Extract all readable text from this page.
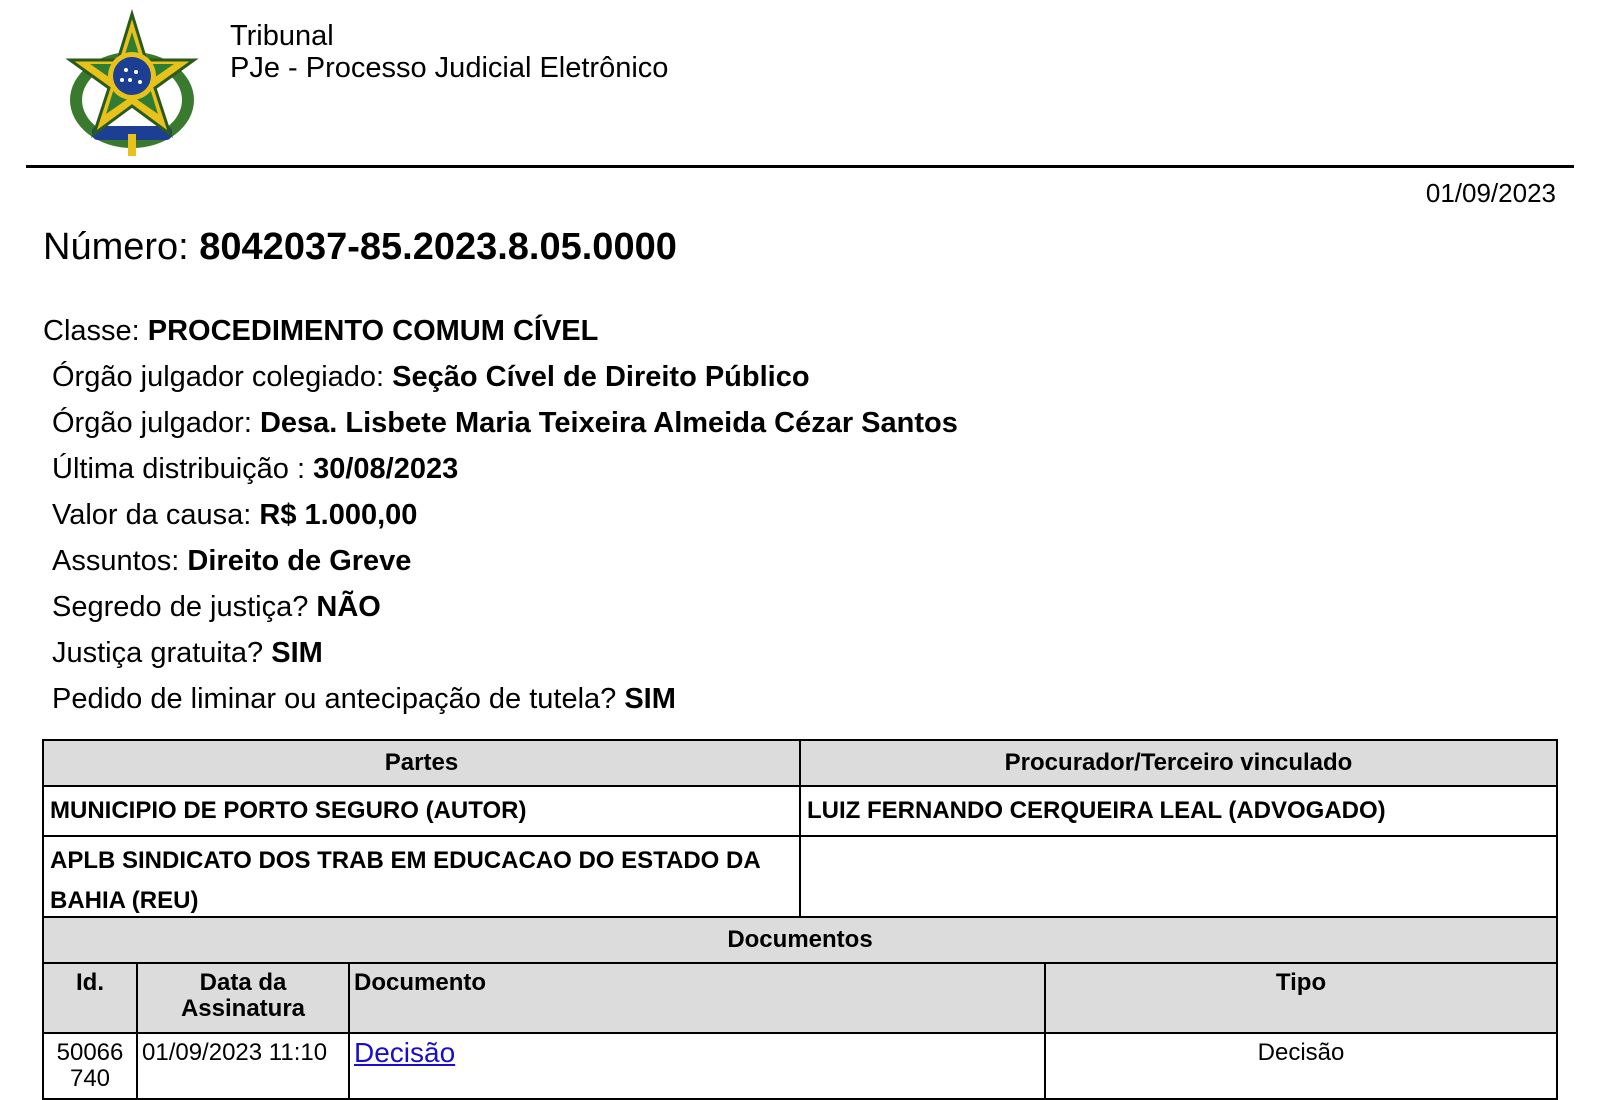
Tribunal
PJe - Processo Judicial Eletrônico
01/09/2023
Número: 8042037-85.2023.8.05.0000
Classe: PROCEDIMENTO COMUM CÍVEL
Órgão julgador colegiado: Seção Cível de Direito Público
Órgão julgador: Desa. Lisbete Maria Teixeira Almeida Cézar Santos
Última distribuição : 30/08/2023
Valor da causa: R$ 1.000,00
Assuntos: Direito de Greve
Segredo de justiça? NÃO
Justiça gratuita? SIM
Pedido de liminar ou antecipação de tutela? SIM
Partes	Procurador/Terceiro vinculado
MUNICIPIO DE PORTO SEGURO (AUTOR)	LUIZ FERNANDO CERQUEIRA LEAL (ADVOGADO)
APLB SINDICATO DOS TRAB EM EDUCACAO DO ESTADO DA BAHIA (REU)	
Documentos			
Id.	Data da Assinatura	Documento	Tipo
50066 740	01/09/2023 11:10	Decisão	Decisão
